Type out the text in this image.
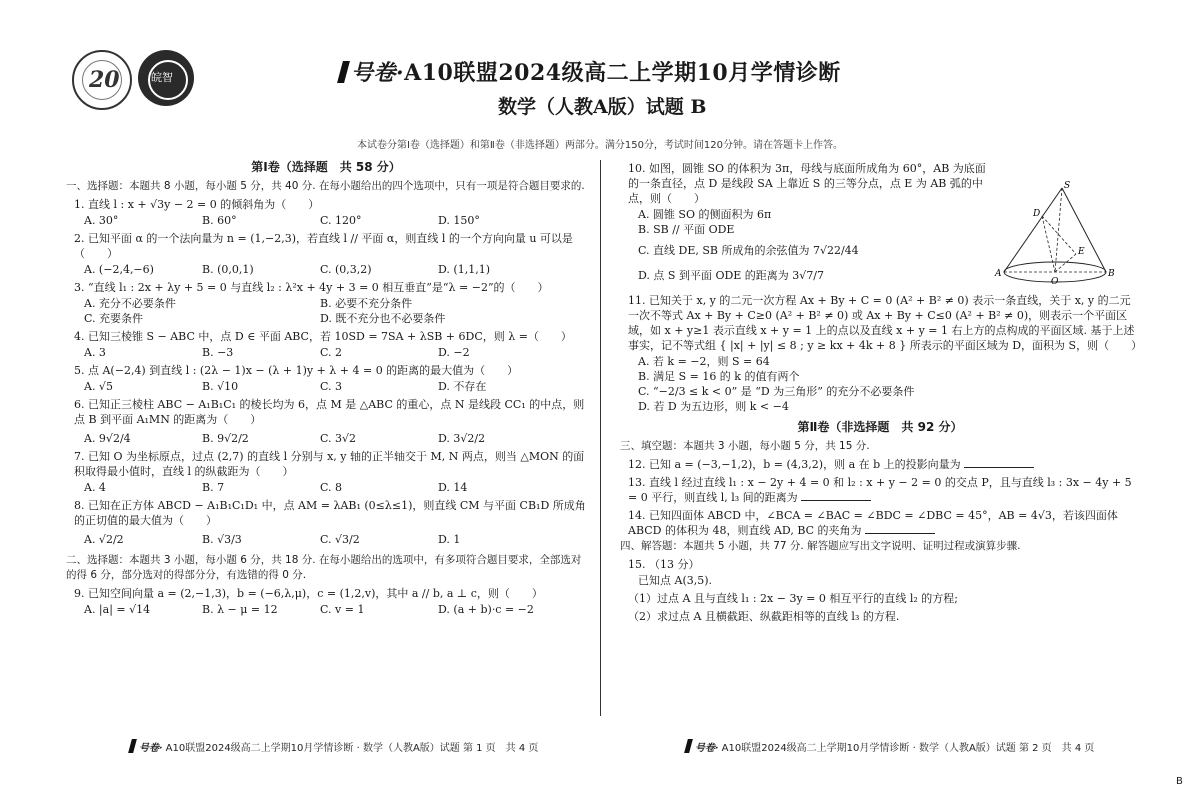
20	皖智	号卷·A10联盟2024级高二上学期10月学情诊断
数学（人教A版）试题 B
本试卷分第Ⅰ卷（选择题）和第Ⅱ卷（非选择题）两部分。满分150分，考试时间120分钟。请在答题卡上作答。
第Ⅰ卷（选择题　共 58 分）
一、选择题：本题共 8 小题，每小题 5 分，共 40 分. 在每小题给出的四个选项中，只有一项是符合题目要求的.
1. 直线 l : x + √3y − 2 = 0 的倾斜角为（　　）
A. 30°	B. 60°	C. 120°	D. 150°
2. 已知平面 α 的一个法向量为 n = (1,−2,3)，若直线 l // 平面 α，则直线 l 的一个方向向量 u 可以是（　　）
A. (−2,4,−6)	B. (0,0,1)	C. (0,3,2)	D. (1,1,1)
3. “直线 l₁ : 2x + λy + 5 = 0 与直线 l₂ : λ²x + 4y + 3 = 0 相互垂直”是“λ = −2”的（　　）
A. 充分不必要条件	B. 必要不充分条件
C. 充要条件	D. 既不充分也不必要条件
4. 已知三棱锥 S − ABC 中，点 D ∈ 平面 ABC，若 10SD = 7SA + λSB + 6DC，则 λ =（　　）
A. 3	B. −3	C. 2	D. −2
5. 点 A(−2,4) 到直线 l : (2λ − 1)x − (λ + 1)y + λ + 4 = 0 的距离的最大值为（　　）
A. √5	B. √10	C. 3	D. 不存在
6. 已知正三棱柱 ABC − A₁B₁C₁ 的棱长均为 6，点 M 是 △ABC 的重心，点 N 是线段 CC₁ 的中点，则点 B 到平面 A₁MN 的距离为（　　）
A. 9√2/4	B. 9√2/2	C. 3√2	D. 3√2/2
7. 已知 O 为坐标原点，过点 (2,7) 的直线 l 分别与 x, y 轴的正半轴交于 M, N 两点，则当 △MON 的面积取得最小值时，直线 l 的纵截距为（　　）
A. 4	B. 7	C. 8	D. 14
8. 已知在正方体 ABCD − A₁B₁C₁D₁ 中，点 AM = λAB₁ (0≤λ≤1)，则直线 CM 与平面 CB₁D 所成角的正切值的最大值为（　　）
A. √2/2	B. √3/3	C. √3/2	D. 1
二、选择题：本题共 3 小题，每小题 6 分，共 18 分. 在每小题给出的选项中，有多项符合题目要求，全部选对的得 6 分，部分选对的得部分分，有选错的得 0 分.
9. 已知空间向量 a = (2,−1,3)，b = (−6,λ,μ)，c = (1,2,v)，其中 a // b, a ⊥ c，则（　　）
A. |a| = √14	B. λ − μ = 12	C. v = 1	D. (a + b)·c = −2
10. 如图，圆锥 SO 的体积为 3π，母线与底面所成角为 60°，AB 为底面的一条直径，点 D 是线段 SA 上靠近 S 的三等分点，点 E 为 AB 弧的中点，则（　　）
A. 圆锥 SO 的侧面积为 6π
B. SB // 平面 ODE
C. 直线 DE, SB 所成角的余弦值为 7√22/44
D. 点 S 到平面 ODE 的距离为 3√7/7
11. 已知关于 x, y 的二元一次方程 Ax + By + C = 0 (A² + B² ≠ 0) 表示一条直线，关于 x, y 的二元一次不等式 Ax + By + C≥0 (A² + B² ≠ 0) 或 Ax + By + C≤0 (A² + B² ≠ 0)，则表示一个平面区域，如 x + y≥1 表示直线 x + y = 1 上的点以及直线 x + y = 1 右上方的点构成的平面区域. 基于上述事实，记不等式组 { |x| + |y| ≤ 8 ; y ≥ kx + 4k + 8 } 所表示的平面区域为 D，面积为 S，则（　　）
A. 若 k = −2，则 S = 64
B. 满足 S = 16 的 k 的值有两个
C. “−2/3 ≤ k < 0” 是 “D 为三角形” 的充分不必要条件
D. 若 D 为五边形，则 k < −4
第Ⅱ卷（非选择题　共 92 分）
三、填空题：本题共 3 小题，每小题 5 分，共 15 分.
12. 已知 a = (−3,−1,2)，b = (4,3,2)，则 a 在 b 上的投影向量为
13. 直线 l 经过直线 l₁ : x − 2y + 4 = 0 和 l₂ : x + y − 2 = 0 的交点 P，且与直线 l₃ : 3x − 4y + 5 = 0 平行，则直线 l, l₃ 间的距离为
14. 已知四面体 ABCD 中，∠BCA = ∠BAC = ∠BDC = ∠DBC = 45°，AB = 4√3，若该四面体 ABCD 的体积为 48，则直线 AD, BC 的夹角为
四、解答题：本题共 5 小题，共 77 分. 解答题应写出文字说明、证明过程或演算步骤.
15. （13 分）
已知点 A(3,5).
（1）过点 A 且与直线 l₁ : 2x − 3y = 0 相互平行的直线 l₂ 的方程;
（2）求过点 A 且横截距、纵截距相等的直线 l₃ 的方程.
S
D
E
A
O
B
号卷· A10联盟2024级高二上学期10月学情诊断 · 数学（人教A版）试题 第 1 页　共 4 页	号卷· A10联盟2024级高二上学期10月学情诊断 · 数学（人教A版）试题 第 2 页　共 4 页
B
